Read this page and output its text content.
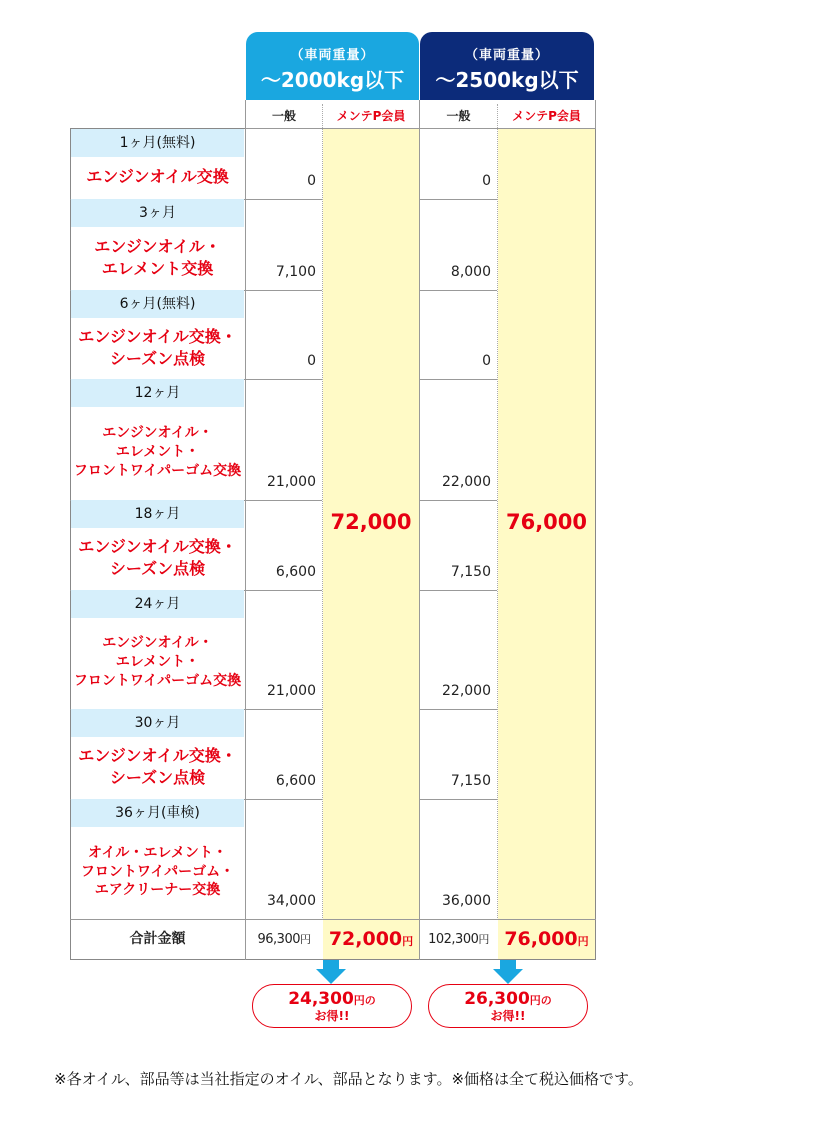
（車両重量）
～2000kg以下
（車両重量）
～2500kg以下
一般	メンテP会員	一般	メンテP会員
1ヶ月(無料)
エンジンオイル交換	0	0
3ヶ月
エンジンオイル・
エレメント交換	7,100	8,000
6ヶ月(無料)
エンジンオイル交換・
シーズン点検	0	0
12ヶ月
エンジンオイル・
エレメント・
フロントワイパーゴム交換
21,000	22,000
18ヶ月
エンジンオイル交換・
シーズン点検	6,600	7,150
24ヶ月
エンジンオイル・
エレメント・
フロントワイパーゴム交換
21,000	22,000
30ヶ月
エンジンオイル交換・
シーズン点検	6,600	7,150
36ヶ月(車検)
オイル・エレメント・
フロントワイパーゴム・
エアクリーナー交換
34,000	36,000
72,000	76,000
合計金額	96,300円 72,000円	102,300円 76,000円
24,300円の
お得!!
26,300円の
お得!!
※各オイル、部品等は当社指定のオイル、部品となります。※価格は全て税込価格です。
